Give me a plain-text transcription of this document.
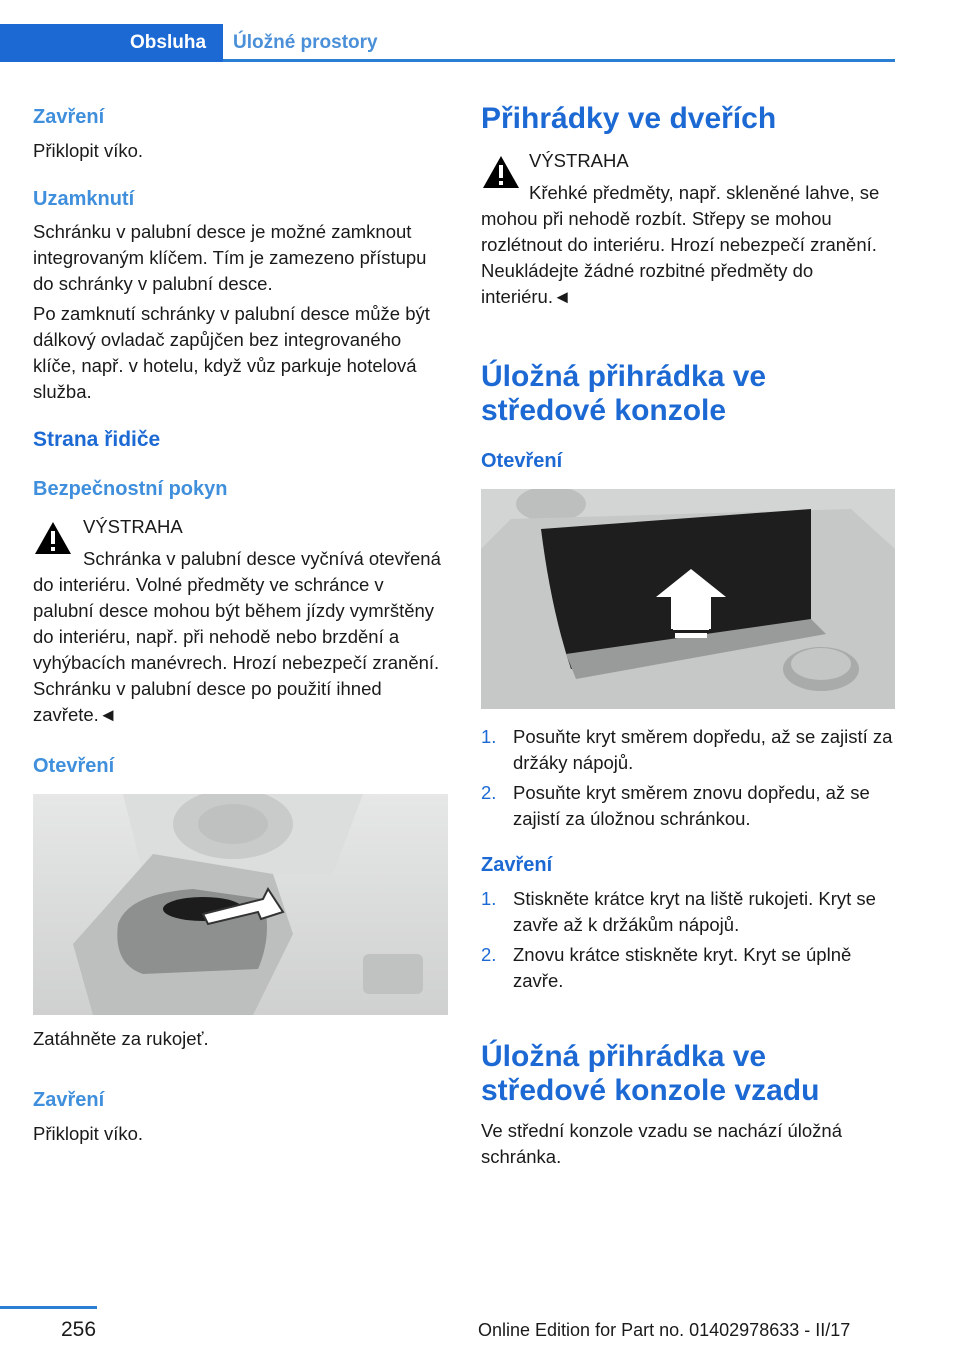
Obsluha	Úložné prostory
Zavření
Přiklopit víko.
Uzamknutí
Schránku v palubní desce je možné zamknout integrovaným klíčem. Tím je zamezeno přístupu do schránky v palubní desce.
Po zamknutí schránky v palubní desce může být dálkový ovladač zapůjčen bez integrovaného klíče, např. v hotelu, když vůz parkuje hotelová služba.
Strana řidiče
Bezpečnostní pokyn
VÝSTRAHA
Schránka v palubní desce vyčnívá otevřená do interiéru. Volné předměty ve schránce v palubní desce mohou být během jízdy vymrštěny do interiéru, např. při nehodě nebo brzdění a vyhýbacích manévrech. Hrozí nebezpečí zranění. Schránku v palubní desce po použití ihned zavřete.◄
Otevření
Zatáhněte za rukojeť.
Zavření
Přiklopit víko.
Přihrádky ve dveřích
VÝSTRAHA
Křehké předměty, např. skleněné lahve, se mohou při nehodě rozbít. Střepy se mohou rozlétnout do interiéru. Hrozí nebezpečí zranění. Neukládejte žádné rozbitné předměty do interiéru.◄
Úložná přihrádka ve středové konzole
Otevření
1. Posuňte kryt směrem dopředu, až se zajistí za držáky nápojů.
2. Posuňte kryt směrem znovu dopředu, až se zajistí za úložnou schránkou.
Zavření
1. Stiskněte krátce kryt na liště rukojeti. Kryt se zavře až k držákům nápojů.
2. Znovu krátce stiskněte kryt. Kryt se úplně zavře.
Úložná přihrádka ve středové konzole vzadu
Ve střední konzole vzadu se nachází úložná schránka.
256	Online Edition for Part no. 01402978633 - II/17
